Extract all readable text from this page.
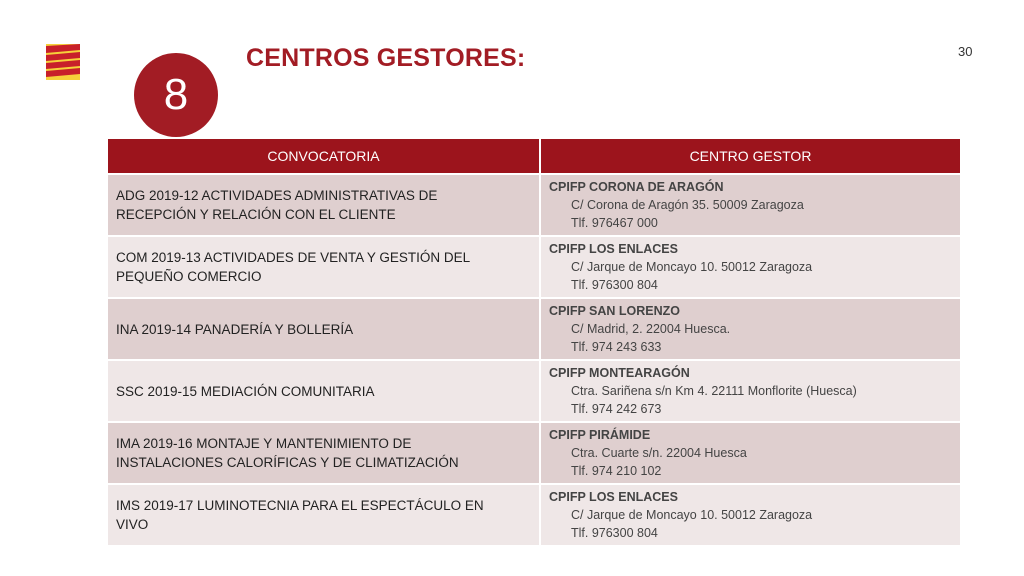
8
CENTROS GESTORES:	30
CONVOCATORIA	CENTRO GESTOR
ADG 2019-12 ACTIVIDADES ADMINISTRATIVAS DE
RECEPCIÓN Y RELACIÓN CON EL CLIENTE	CPIFP CORONA DE ARAGÓN
C/ Corona de Aragón 35. 50009 Zaragoza
Tlf. 976467 000

COM 2019-13 ACTIVIDADES DE VENTA Y GESTIÓN DEL
PEQUEÑO COMERCIO	CPIFP LOS ENLACES
C/ Jarque de Moncayo 10. 50012 Zaragoza
Tlf. 976300 804

INA 2019-14 PANADERÍA Y BOLLERÍA	CPIFP SAN LORENZO
C/ Madrid, 2. 22004 Huesca.
Tlf. 974 243 633

SSC 2019-15 MEDIACIÓN COMUNITARIA	CPIFP MONTEARAGÓN
Ctra. Sariñena s/n Km 4. 22111 Monflorite (Huesca)
Tlf. 974 242 673

IMA 2019-16 MONTAJE Y MANTENIMIENTO DE
INSTALACIONES CALORÍFICAS Y DE CLIMATIZACIÓN	CPIFP PIRÁMIDE
Ctra. Cuarte s/n. 22004 Huesca
Tlf. 974 210 102

IMS 2019-17 LUMINOTECNIA PARA EL ESPECTÁCULO EN
VIVO	CPIFP LOS ENLACES
C/ Jarque de Moncayo 10. 50012 Zaragoza
Tlf. 976300 804
